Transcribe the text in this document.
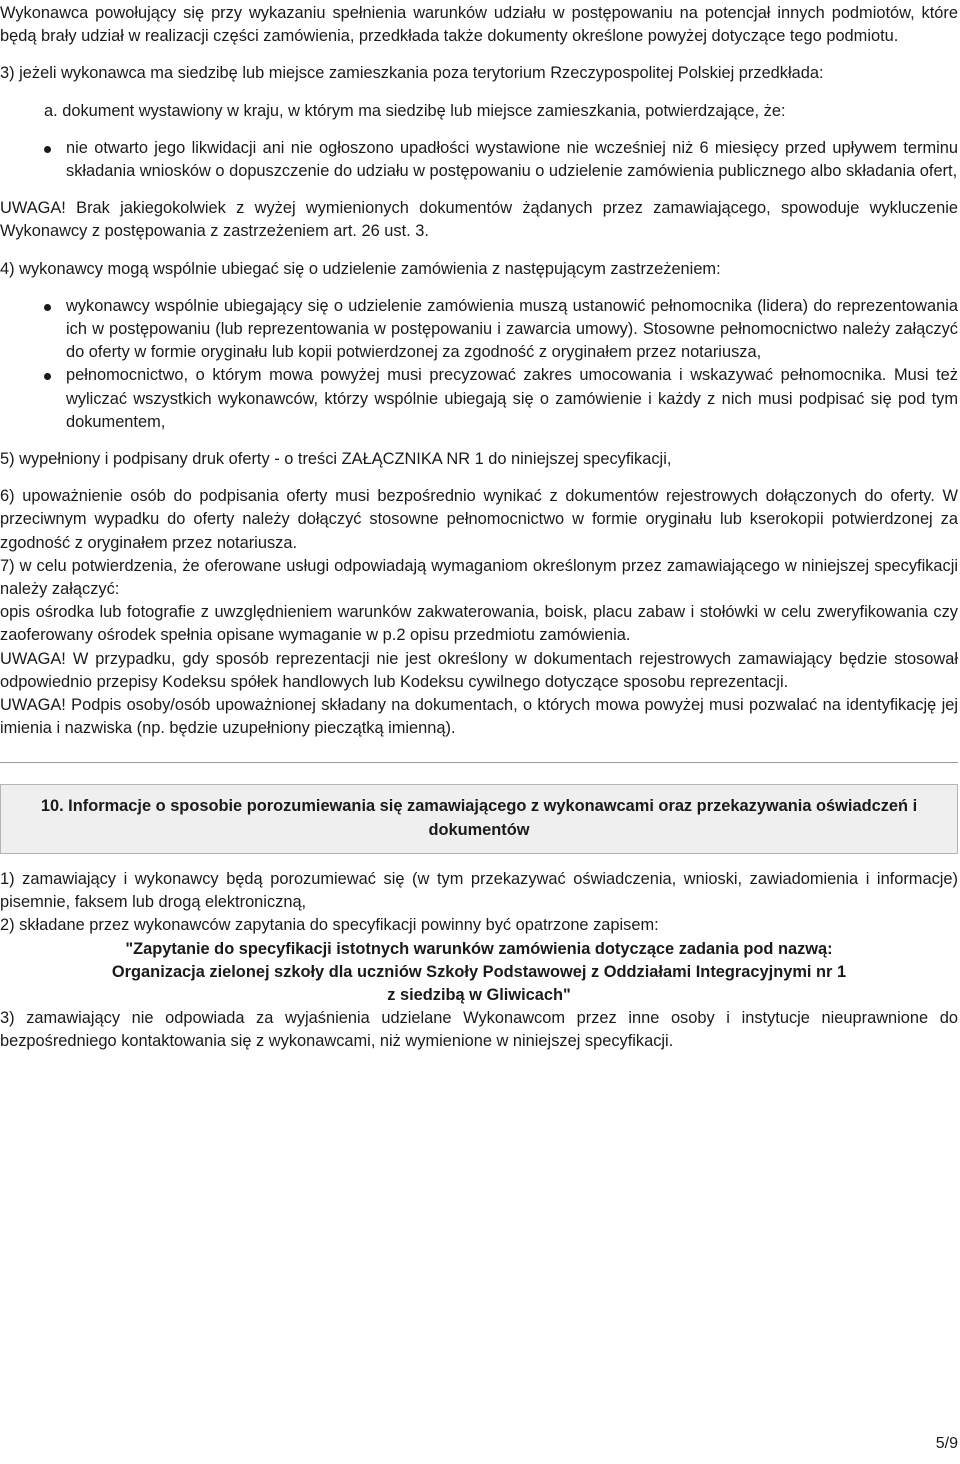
Wykonawca powołujący się przy wykazaniu spełnienia warunków udziału w postępowaniu na potencjał innych podmiotów, które będą brały udział w realizacji części zamówienia, przedkłada także dokumenty określone powyżej dotyczące tego podmiotu.

3) jeżeli wykonawca ma siedzibę lub miejsce zamieszkania poza terytorium Rzeczypospolitej Polskiej przedkłada:

a. dokument wystawiony w kraju, w którym ma siedzibę lub miejsce zamieszkania, potwierdzające, że:

nie otwarto jego likwidacji ani nie ogłoszono upadłości wystawione nie wcześniej niż 6 miesięcy przed upływem terminu składania wniosków o dopuszczenie do udziału w postępowaniu o udzielenie zamówienia publicznego albo składania ofert,

UWAGA! Brak jakiegokolwiek z wyżej wymienionych dokumentów żądanych przez zamawiającego, spowoduje wykluczenie Wykonawcy z postępowania z zastrzeżeniem art. 26 ust. 3.

4) wykonawcy mogą wspólnie ubiegać się o udzielenie zamówienia z następującym zastrzeżeniem:

wykonawcy wspólnie ubiegający się o udzielenie zamówienia muszą ustanowić pełnomocnika (lidera) do reprezentowania ich w postępowaniu (lub reprezentowania w postępowaniu i zawarcia umowy). Stosowne pełnomocnictwo należy załączyć do oferty w formie oryginału lub kopii potwierdzonej za zgodność z oryginałem przez notariusza,
pełnomocnictwo, o którym mowa powyżej musi precyzować zakres umocowania i wskazywać pełnomocnika. Musi też wyliczać wszystkich wykonawców, którzy wspólnie ubiegają się o zamówienie i każdy z nich musi podpisać się pod tym dokumentem,

5) wypełniony i podpisany druk oferty - o treści ZAŁĄCZNIKA NR 1 do niniejszej specyfikacji,

6) upoważnienie osób do podpisania oferty musi bezpośrednio wynikać z dokumentów rejestrowych dołączonych do oferty. W przeciwnym wypadku do oferty należy dołączyć stosowne pełnomocnictwo w formie oryginału lub kserokopii potwierdzonej za zgodność z oryginałem przez notariusza.

7) w celu potwierdzenia, że oferowane usługi odpowiadają wymaganiom określonym przez zamawiającego w niniejszej specyfikacji należy załączyć:

opis ośrodka lub fotografie z uwzględnieniem warunków zakwaterowania, boisk, placu zabaw i stołówki w celu zweryfikowania czy zaoferowany ośrodek spełnia opisane wymaganie w p.2 opisu przedmiotu zamówienia.

UWAGA! W przypadku, gdy sposób reprezentacji nie jest określony w dokumentach rejestrowych zamawiający będzie stosował odpowiednio przepisy Kodeksu spółek handlowych lub Kodeksu cywilnego dotyczące sposobu reprezentacji.

UWAGA! Podpis osoby/osób upoważnionej składany na dokumentach, o których mowa powyżej musi pozwalać na identyfikację jej imienia i nazwiska (np. będzie uzupełniony pieczątką imienną).

10. Informacje o sposobie porozumiewania się zamawiającego z wykonawcami oraz przekazywania oświadczeń i dokumentów

1) zamawiający i wykonawcy będą porozumiewać się (w tym przekazywać oświadczenia, wnioski, zawiadomienia i informacje) pisemnie, faksem lub drogą elektroniczną,

2) składane przez wykonawców zapytania do specyfikacji powinny być opatrzone zapisem:

"Zapytanie do specyfikacji istotnych warunków zamówienia dotyczące zadania pod nazwą:

Organizacja zielonej szkoły dla uczniów Szkoły Podstawowej z Oddziałami Integracyjnymi nr 1

z siedzibą w Gliwicach"

3) zamawiający nie odpowiada za wyjaśnienia udzielane Wykonawcom przez inne osoby i instytucje nieuprawnione do bezpośredniego kontaktowania się z wykonawcami, niż wymienione w niniejszej specyfikacji.

5/9
